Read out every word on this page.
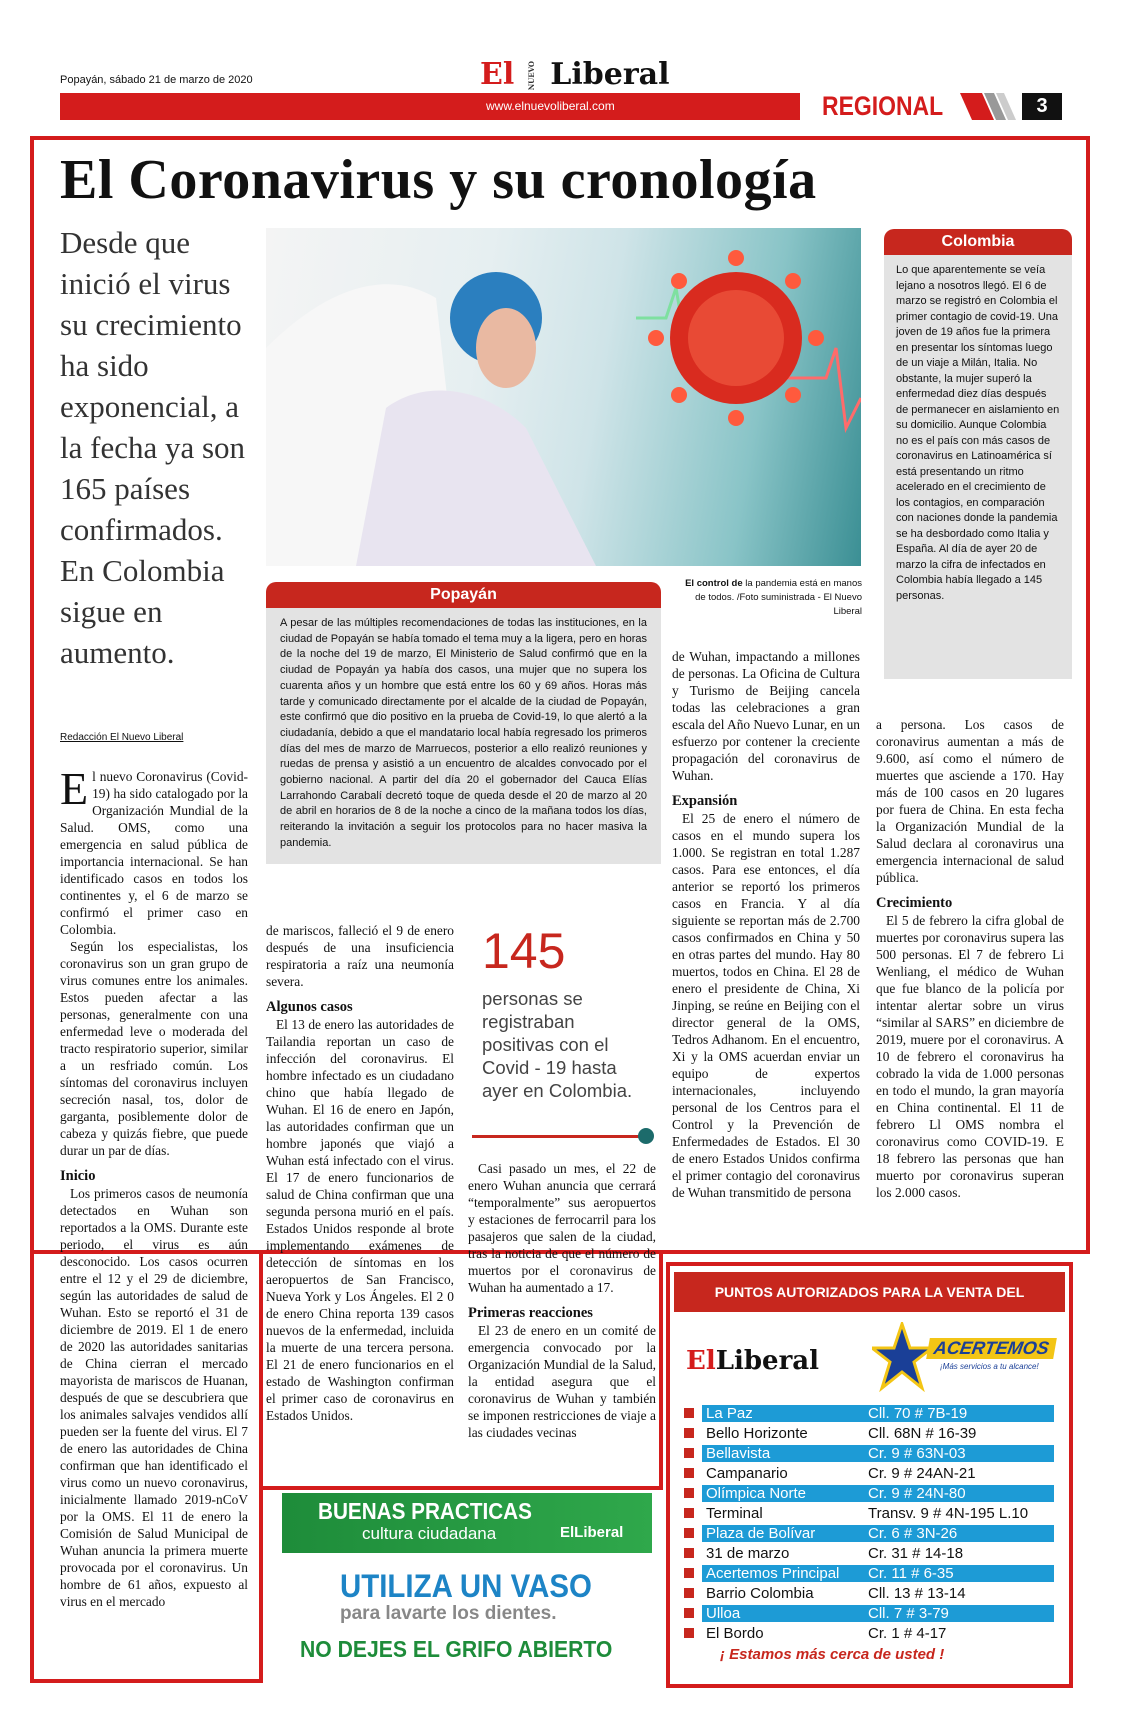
Popayán, sábado 21 de marzo de 2020	El NUEVO Liberal
www.elnuevoliberal.com	REGIONAL	3
El Coronavirus y su cronología
Desde que inició el virus su crecimiento ha sido exponencial, a la fecha ya son 165 países confirmados. En Colombia sigue en aumento.
Redacción El Nuevo Liberal
E l nuevo Coronavirus (Covid-19) ha sido catalogado por la Organización Mundial de la Salud. OMS, como una emergencia en salud pública de importancia internacional. Se han identificado casos en todos los continentes y, el 6 de marzo se confirmó el primer caso en Colombia.

Según los especialistas, los coronavirus son un gran grupo de virus comunes entre los animales. Estos pueden afectar a las personas, generalmente con una enfermedad leve o moderada del tracto respiratorio superior, similar a un resfriado común. Los síntomas del coronavirus incluyen secreción nasal, tos, dolor de garganta, posiblemente dolor de cabeza y quizás fiebre, que puede durar un par de días.

Inicio

Los primeros casos de neumonía detectados en Wuhan son reportados a la OMS. Durante este periodo, el virus es aún desconocido. Los casos ocurren entre el 12 y el 29 de diciembre, según las autoridades de salud de Wuhan. Esto se reportó el 31 de diciembre de 2019. El 1 de enero de 2020 las autoridades sanitarias de China cierran el mercado mayorista de mariscos de Huanan, después de que se descubriera que los animales salvajes vendidos allí pueden ser la fuente del virus. El 7 de enero las autoridades de China confirman que han identificado el virus como un nuevo coronavirus, inicialmente llamado 2019-nCoV por la OMS. El 11 de enero la Comisión de Salud Municipal de Wuhan anuncia la primera muerte provocada por el coronavirus. Un hombre de 61 años, expuesto al virus en el mercado

El control de la pandemia está en manos de todos. /Foto suministrada - El Nuevo Liberal
Popayán
A pesar de las múltiples recomendaciones de todas las instituciones, en la ciudad de Popayán se había tomado el tema muy a la ligera, pero en horas de la noche del 19 de marzo, El Ministerio de Salud confirmó que en la ciudad de Popayán ya había dos casos, una mujer que no supera los cuarenta años y un hombre que está entre los 60 y 69 años. Horas más tarde y comunicado directamente por el alcalde de la ciudad de Popayán, este confirmó que dio positivo en la prueba de Covid-19, lo que alertó a la ciudadanía, debido a que el mandatario local había regresado los primeros días del mes de marzo de Marruecos, posterior a ello realizó reuniones y ruedas de prensa y asistió a un encuentro de alcaldes convocado por el gobierno nacional. A partir del día 20 el gobernador del Cauca Elías Larrahondo Carabalí decretó toque de queda desde el 20 de marzo al 20 de abril en horarios de 8 de la noche a cinco de la mañana todos los días, reiterando la invitación a seguir los protocolos para no hacer masiva la pandemia.
Colombia
Lo que aparentemente se veía lejano a nosotros llegó. El 6 de marzo se registró en Colombia el primer contagio de covid-19. Una joven de 19 años fue la primera en presentar los síntomas luego de un viaje a Milán, Italia. No obstante, la mujer superó la enfermedad diez días después de permanecer en aislamiento en su domicilio. Aunque Colombia no es el país con más casos de coronavirus en Latinoamérica sí está presentando un ritmo acelerado en el crecimiento de los contagios, en comparación con naciones donde la pandemia se ha desbordado como Italia y España. Al día de ayer 20 de marzo la cifra de infectados en Colombia había llegado a 145 personas.

de mariscos, falleció el 9 de enero después de una insuficiencia respiratoria a raíz una neumonía severa.

Algunos casos

El 13 de enero las autoridades de Tailandia reportan un caso de infección del coronavirus. El hombre infectado es un ciudadano chino que había llegado de Wuhan. El 16 de enero en Japón, las autoridades confirman que un hombre japonés que viajó a Wuhan está infectado con el virus. El 17 de enero funcionarios de salud de China confirman que una segunda persona murió en el país. Estados Unidos responde al brote implementando exámenes de detección de síntomas en los aeropuertos de San Francisco, Nueva York y Los Ángeles. El 2 0 de enero China reporta 139 casos nuevos de la enfermedad, incluida la muerte de una tercera persona. El 21 de enero funcionarios en el estado de Washington confirman el primer caso de coronavirus en Estados Unidos.

145
personas se registraban positivas con el Covid - 19 hasta ayer en Colombia.

Casi pasado un mes, el 22 de enero Wuhan anuncia que cerrará “temporalmente” sus aeropuertos y estaciones de ferrocarril para los pasajeros que salen de la ciudad, tras la noticia de que el número de muertos por el coronavirus de Wuhan ha aumentado a 17.

Primeras reacciones

El 23 de enero en un comité de emergencia convocado por la Organización Mundial de la Salud, la entidad asegura que el coronavirus de Wuhan y también se imponen restricciones de viaje a las ciudades vecinas

de Wuhan, impactando a millones de personas. La Oficina de Cultura y Turismo de Beijing cancela todas las celebraciones a gran escala del Año Nuevo Lunar, en un esfuerzo por contener la creciente propagación del coronavirus de Wuhan.

Expansión

El 25 de enero el número de casos en el mundo supera los 1.000. Se registran en total 1.287 casos. Para ese entonces, el día anterior se reportó los primeros casos en Francia. Y al día siguiente se reportan más de 2.700 casos confirmados en China y 50 en otras partes del mundo. Hay 80 muertos, todos en China. El 28 de enero el presidente de China, Xi Jinping, se reúne en Beijing con el director general de la OMS, Tedros Adhanom. En el encuentro, Xi y la OMS acuerdan enviar un equipo de expertos internacionales, incluyendo personal de los Centros para el Control y la Prevención de Enfermedades de Estados. El 30 de enero Estados Unidos confirma el primer contagio del coronavirus de Wuhan transmitido de persona

a persona. Los casos de coronavirus aumentan a más de 9.600, así como el número de muertes que asciende a 170. Hay más de 100 casos en 20 lugares por fuera de China. En esta fecha la Organización Mundial de la Salud declara al coronavirus una emergencia internacional de salud pública.

Crecimiento

El 5 de febrero la cifra global de muertes por coronavirus supera las 500 personas. El 7 de febrero Li Wenliang, el médico de Wuhan que fue blanco de la policía por intentar alertar sobre un virus “similar al SARS” en diciembre de 2019, muere por el coronavirus. A 10 de febrero el coronavirus ha cobrado la vida de 1.000 personas en todo el mundo, la gran mayoría en China continental. El 11 de febrero Ll OMS nombra el coronavirus como COVID-19. E 18 febrero las personas que han muerto por coronavirus superan los 2.000 casos.

BUENAS PRACTICAS
cultura ciudadana	ElLiberal
UTILIZA UN VASO
para lavarte los dientes.
NO DEJES EL GRIFO ABIERTO
PUNTOS AUTORIZADOS PARA LA VENTA DEL PERIÓDICO
ElLiberal	ACERTEMOS
¡Más servicios a tu alcance!
La Paz	Cll. 70 # 7B-19
Bello Horizonte	Cll. 68N # 16-39
Bellavista	Cr. 9 # 63N-03
Campanario	Cr. 9 # 24AN-21
Olímpica Norte	Cr. 9 # 24N-80
Terminal	Transv. 9 # 4N-195 L.10
Plaza de Bolívar	Cr. 6 # 3N-26
31 de marzo	Cr. 31 # 14-18
Acertemos Principal	Cr. 11 # 6-35
Barrio Colombia	Cll. 13 # 13-14
Ulloa	Cll. 7 # 3-79
El Bordo	Cr. 1 # 4-17
¡ Estamos más cerca de usted !
